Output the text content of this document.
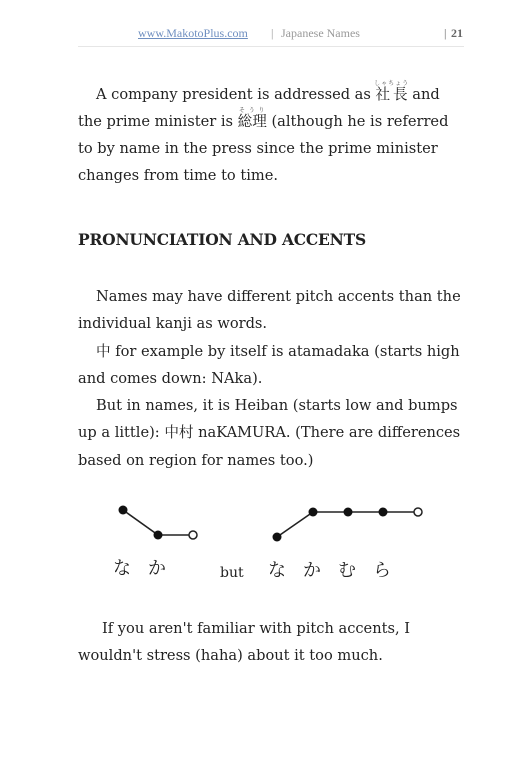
www.MakotoPlus.com | Japanese Names	| 21

A company president is addressed as 社長しゃちょう and the prime minister is 総理そうり (although he is referred to by name in the press since the prime minister changes from time to time.

PRONUNCIATION AND ACCENTS

Names may have different pitch accents than the individual kanji as words.

中 for example by itself is atamadaka (starts high and comes down: NAka).

But in names, it is Heiban (starts low and bumps up a little): 中村 naKAMURA. (There are differences based on region for names too.)

な か	but な か む ら

If you aren't familiar with pitch accents, I wouldn't stress (haha) about it too much.
